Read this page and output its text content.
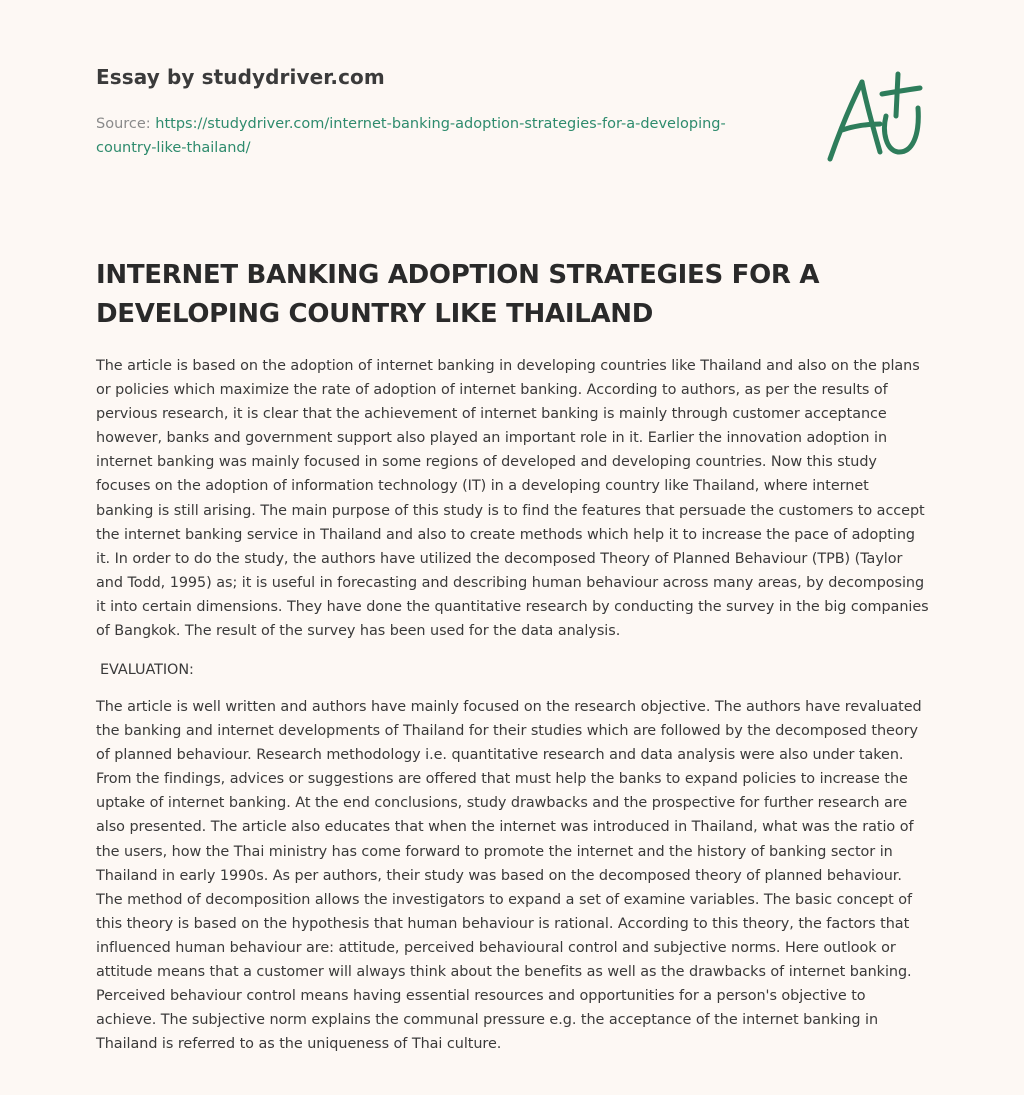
Essay by studydriver.com
Source: https://studydriver.com/internet-banking-adoption-strategies-for-a-developing-country-like-thailand/
INTERNET BANKING ADOPTION STRATEGIES FOR A DEVELOPING COUNTRY LIKE THAILAND

The article is based on the adoption of internet banking in developing countries like Thailand and also on the plans or policies which maximize the rate of adoption of internet banking. According to authors, as per the results of pervious research, it is clear that the achievement of internet banking is mainly through customer acceptance however, banks and government support also played an important role in it. Earlier the innovation adoption in internet banking was mainly focused in some regions of developed and developing countries. Now this study focuses on the adoption of information technology (IT) in a developing country like Thailand, where internet banking is still arising. The main purpose of this study is to find the features that persuade the customers to accept the internet banking service in Thailand and also to create methods which help it to increase the pace of adopting it. In order to do the study, the authors have utilized the decomposed Theory of Planned Behaviour (TPB) (Taylor and Todd, 1995) as; it is useful in forecasting and describing human behaviour across many areas, by decomposing it into certain dimensions. They have done the quantitative research by conducting the survey in the big companies of Bangkok. The result of the survey has been used for the data analysis.

EVALUATION:

The article is well written and authors have mainly focused on the research objective. The authors have revaluated the banking and internet developments of Thailand for their studies which are followed by the decomposed theory of planned behaviour. Research methodology i.e. quantitative research and data analysis were also under taken. From the findings, advices or suggestions are offered that must help the banks to expand policies to increase the uptake of internet banking. At the end conclusions, study drawbacks and the prospective for further research are also presented. The article also educates that when the internet was introduced in Thailand, what was the ratio of the users, how the Thai ministry has come forward to promote the internet and the history of banking sector in Thailand in early 1990s. As per authors, their study was based on the decomposed theory of planned behaviour. The method of decomposition allows the investigators to expand a set of examine variables. The basic concept of this theory is based on the hypothesis that human behaviour is rational. According to this theory, the factors that influenced human behaviour are: attitude, perceived behavioural control and subjective norms. Here outlook or attitude means that a customer will always think about the benefits as well as the drawbacks of internet banking. Perceived behaviour control means having essential resources and opportunities for a person's objective to achieve. The subjective norm explains the communal pressure e.g. the acceptance of the internet banking in Thailand is referred to as the uniqueness of Thai culture.
